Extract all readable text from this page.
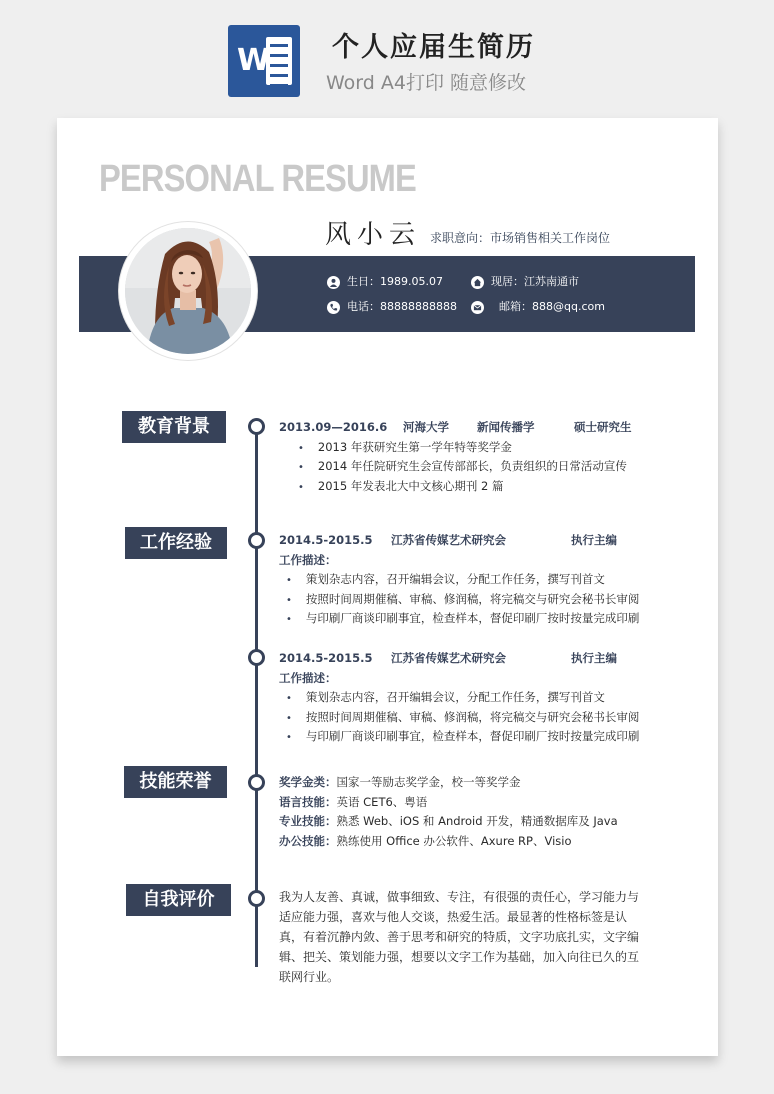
W 个人应届生简历
Word A4打印 随意修改
PERSONAL RESUME
生日：1989.05.07	现居：江苏南通市
电话：88888888888	邮箱：888@qq.com
风小云 求职意向：市场销售相关工作岗位
教育背景	2013.09—2016.6 河海大学 新闻传播学	硕士研究生
• 2013 年获研究生第一学年特等奖学金
• 2014 年任院研究生会宣传部部长，负责组织的日常活动宣传
• 2015 年发表北大中文核心期刊 2 篇
工作经验	2014.5-2015.5 江苏省传媒艺术研究会	执行主编
工作描述：
• 策划杂志内容，召开编辑会议，分配工作任务，撰写刊首文
• 按照时间周期催稿、审稿、修润稿，将完稿交与研究会秘书长审阅
• 与印刷厂商谈印刷事宜，检查样本，督促印刷厂按时按量完成印刷
2014.5-2015.5 江苏省传媒艺术研究会	执行主编
工作描述：
• 策划杂志内容，召开编辑会议，分配工作任务，撰写刊首文
• 按照时间周期催稿、审稿、修润稿，将完稿交与研究会秘书长审阅
• 与印刷厂商谈印刷事宜，检查样本，督促印刷厂按时按量完成印刷
技能荣誉	奖学金类：国家一等励志奖学金，校一等奖学金
语言技能：英语 CET6、粤语
专业技能：熟悉 Web、iOS 和 Android 开发，精通数据库及 Java
办公技能：熟练使用 Office 办公软件、Axure RP、Visio
自我评价	我为人友善、真诚，做事细致、专注，有很强的责任心，学习能力与适应能力强，喜欢与他人交谈，热爱生活。最显著的性格标签是认真，有着沉静内敛、善于思考和研究的特质，文字功底扎实，文字编辑、把关、策划能力强，想要以文字工作为基础，加入向往已久的互联网行业。
